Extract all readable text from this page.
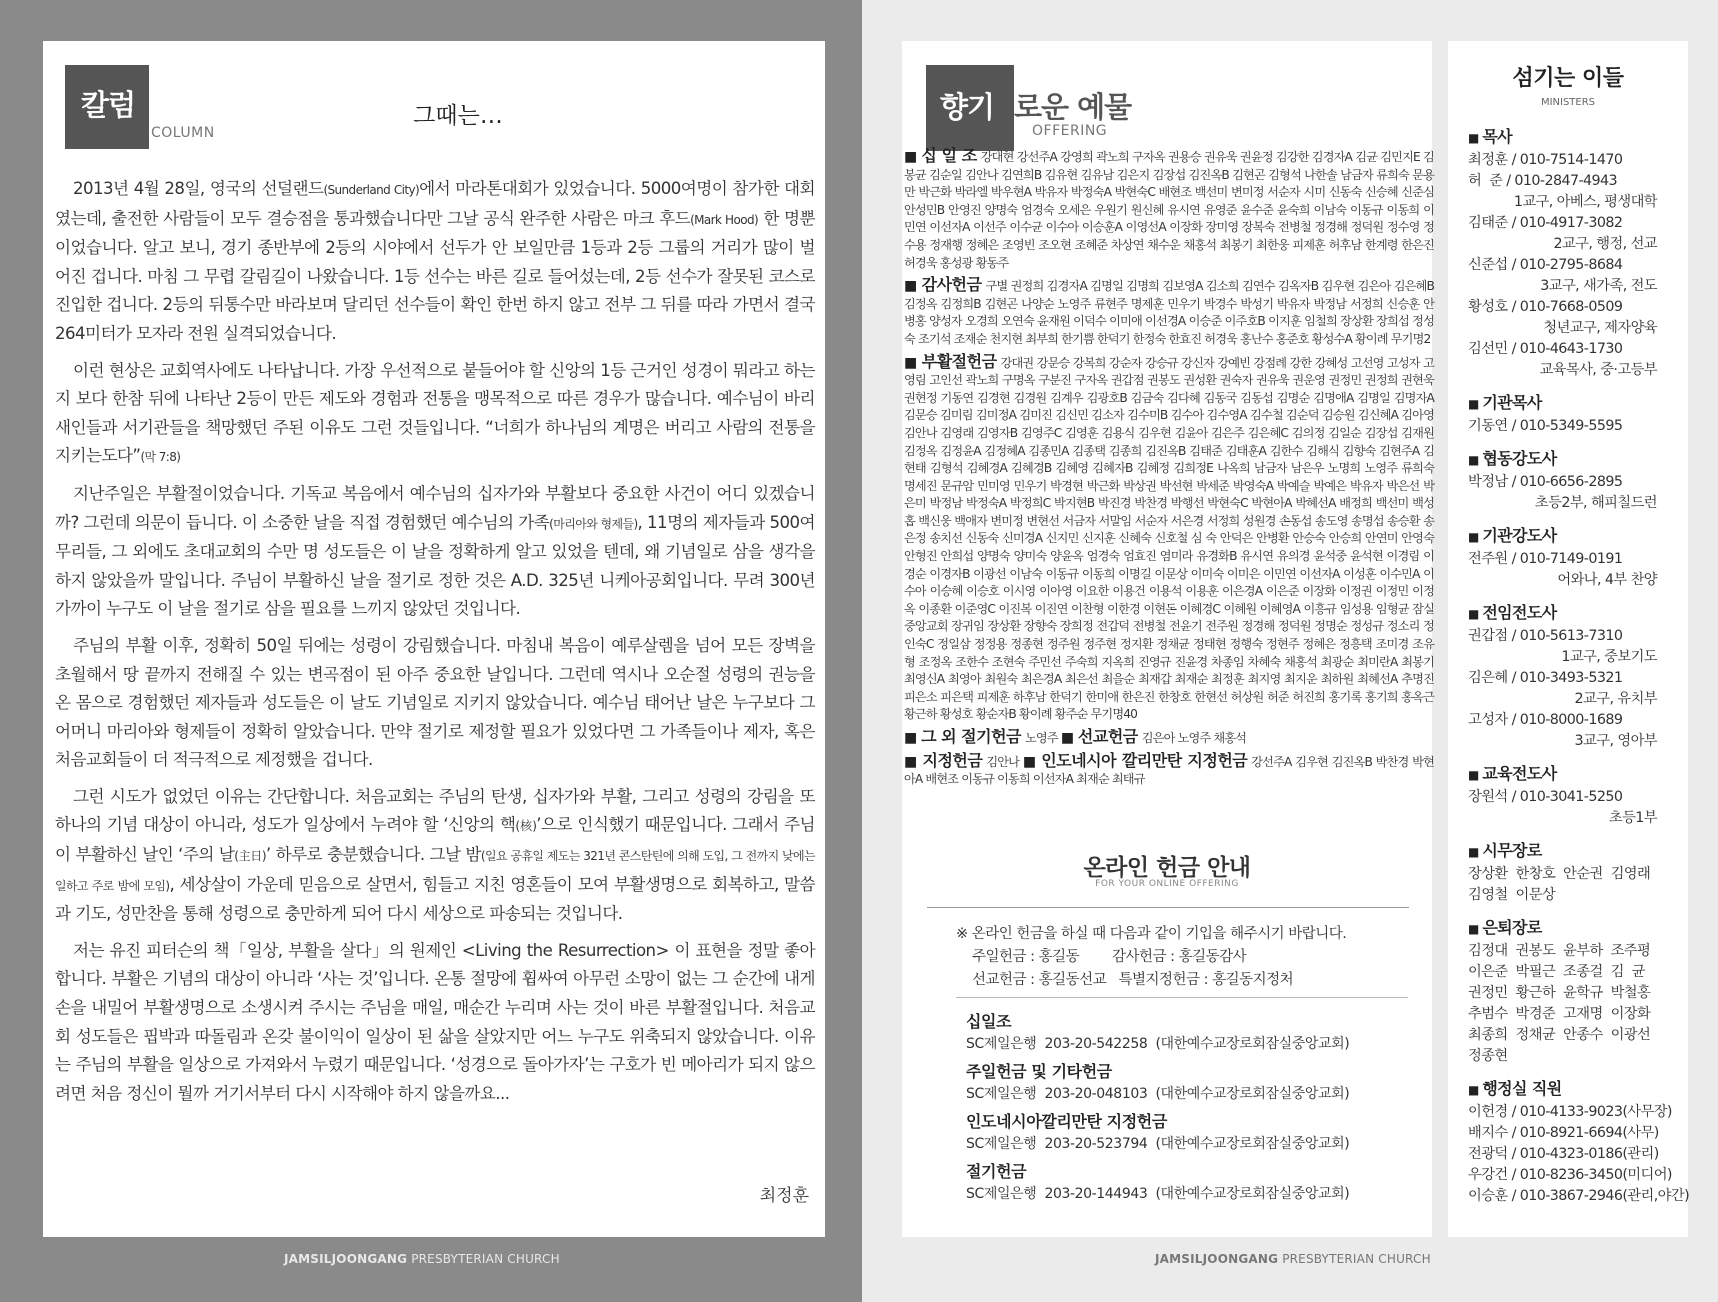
칼럼
COLUMN
그때는…

2013년 4월 28일, 영국의 선덜랜드(Sunderland City)에서 마라톤대회가 있었습니다. 5000여명이 참가한 대회였는데, 출전한 사람들이 모두 결승점을 통과했습니다만 그날 공식 완주한 사람은 마크 후드(Mark Hood) 한 명뿐이었습니다. 알고 보니, 경기 종반부에 2등의 시야에서 선두가 안 보일만큼 1등과 2등 그룹의 거리가 많이 벌어진 겁니다. 마침 그 무렵 갈림길이 나왔습니다. 1등 선수는 바른 길로 들어섰는데, 2등 선수가 잘못된 코스로 진입한 겁니다. 2등의 뒤통수만 바라보며 달리던 선수들이 확인 한번 하지 않고 전부 그 뒤를 따라 가면서 결국 264미터가 모자라 전원 실격되었습니다.

이런 현상은 교회역사에도 나타납니다. 가장 우선적으로 붙들어야 할 신앙의 1등 근거인 성경이 뭐라고 하는지 보다 한참 뒤에 나타난 2등이 만든 제도와 경험과 전통을 맹목적으로 따른 경우가 많습니다. 예수님이 바리새인들과 서기관들을 책망했던 주된 이유도 그런 것들입니다. “너희가 하나님의 계명은 버리고 사람의 전통을 지키는도다”(막 7:8)

지난주일은 부활절이었습니다. 기독교 복음에서 예수님의 십자가와 부활보다 중요한 사건이 어디 있겠습니까? 그런데 의문이 듭니다. 이 소중한 날을 직접 경험했던 예수님의 가족(마리아와 형제들), 11명의 제자들과 500여 무리들, 그 외에도 초대교회의 수만 명 성도들은 이 날을 정확하게 알고 있었을 텐데, 왜 기념일로 삼을 생각을 하지 않았을까 말입니다. 주님이 부활하신 날을 절기로 정한 것은 A.D. 325년 니케아공회입니다. 무려 300년 가까이 누구도 이 날을 절기로 삼을 필요를 느끼지 않았던 것입니다.

주님의 부활 이후, 정확히 50일 뒤에는 성령이 강림했습니다. 마침내 복음이 예루살렘을 넘어 모든 장벽을 초월해서 땅 끝까지 전해질 수 있는 변곡점이 된 아주 중요한 날입니다. 그런데 역시나 오순절 성령의 권능을 온 몸으로 경험했던 제자들과 성도들은 이 날도 기념일로 지키지 않았습니다. 예수님 태어난 날은 누구보다 그 어머니 마리아와 형제들이 정확히 알았습니다. 만약 절기로 제정할 필요가 있었다면 그 가족들이나 제자, 혹은 처음교회들이 더 적극적으로 제정했을 겁니다.

그런 시도가 없었던 이유는 간단합니다. 처음교회는 주님의 탄생, 십자가와 부활, 그리고 성령의 강림을 또 하나의 기념 대상이 아니라, 성도가 일상에서 누려야 할 ‘신앙의 핵(核)’으로 인식했기 때문입니다. 그래서 주님이 부활하신 날인 ‘주의 날(主日)’ 하루로 충분했습니다. 그날 밤(일요 공휴일 제도는 321년 콘스탄틴에 의해 도입, 그 전까지 낮에는 일하고 주로 밤에 모임), 세상살이 가운데 믿음으로 살면서, 힘들고 지친 영혼들이 모여 부활생명으로 회복하고, 말씀과 기도, 성만찬을 통해 성령으로 충만하게 되어 다시 세상으로 파송되는 것입니다.

저는 유진 피터슨의 책「일상, 부활을 살다」의 원제인 <Living the Resurrection> 이 표현을 정말 좋아합니다. 부활은 기념의 대상이 아니라 ‘사는 것’입니다. 온통 절망에 휩싸여 아무런 소망이 없는 그 순간에 내게 손을 내밀어 부활생명으로 소생시켜 주시는 주님을 매일, 매순간 누리며 사는 것이 바른 부활절입니다. 처음교회 성도들은 핍박과 따돌림과 온갖 불이익이 일상이 된 삶을 살았지만 어느 누구도 위축되지 않았습니다. 이유는 주님의 부활을 일상으로 가져와서 누렸기 때문입니다. ‘성경으로 돌아가자’는 구호가 빈 메아리가 되지 않으려면 처음 정신이 뭘까 거기서부터 다시 시작해야 하지 않을까요...

최정훈
JAMSILJOONGANG PRESBYTERIAN CHURCH
향기 로운 예물
OFFERING
■ 십 일 조 강대현 강선주A 강영희 곽노희 구자옥 권용승 권유욱 권윤정 김강한 김경자A 김균 김민지E 김봉균 김순일 김안나 김연희B 김유현 김유남 김은지 김장섭 김진옥B 김현곤 김형석 나한솔 남금자 류희숙 문용만 박근화 박라엘 박우현A 박유자 박정숙A 박현숙C 배현조 백선미 변미정 서순자 시미 신동숙 신승혜 신준심 안성민B 안영진 양명숙 엄경숙 오세은 우원기 원신혜 유시연 유영준 윤수준 윤숙희 이남숙 이동규 이동희 이민연 이선자A 이선주 이수균 이수아 이승훈A 이영선A 이장화 장미영 장복숙 전병철 정경해 정덕원 정수영 정수용 정재행 정혜은 조영빈 조오현 조혜준 차상연 채수운 채홍석 최봉기 최한웅 피제훈 허후남 한계령 한은진 허경욱 홍성광 황동주
■ 감사헌금 구별 권정희 김경자A 김명일 김명희 김보영A 김소희 김연수 김옥자B 김우현 김은아 김은혜B 김정옥 김정희B 김현곤 나양순 노영주 류현주 명제훈 민우기 박경수 박성기 박유자 박정남 서정희 신승훈 안병홍 양성자 오경희 오연숙 윤재원 이덕수 이미애 이선경A 이승준 이주호B 이지훈 임철희 장상환 장희섭 정성숙 조기석 조재순 천지현 최부희 한기쁨 한덕기 한정숙 한효진 허경욱 홍난수 홍준호 황성수A 황이례 무기명2
■ 부활절헌금 강대권 강문승 강복희 강순자 강승규 강신자 강예빈 강점례 강한 강혜성 고선영 고성자 고영림 고인선 곽노희 구명옥 구분진 구자옥 권갑점 권봉도 권성환 권숙자 권유욱 권운영 권정민 권정희 권현욱 권현정 기동연 김경현 김경원 김계우 김광호B 김금숙 김다혜 김동국 김동섭 김명순 김명애A 김명일 김명자A 김문승 김미림 김미정A 김미진 김신민 김소자 김수미B 김수아 김수영A 김수철 김순덕 김승원 김신혜A 김아영 김안나 김영래 김영자B 김영주C 김영훈 김용식 김우현 김윤아 김은주 김은혜C 김의정 김일순 김장섭 김재원 김정옥 김정윤A 김정혜A 김종민A 김종택 김종희 김진옥B 김태준 김태훈A 김한수 김해식 김향숙 김현주A 김현태 김형석 김혜경A 김혜경B 김혜영 김혜자B 김혜정 김희정E 나옥희 남금자 남은우 노명희 노영주 류희숙 명세진 문규암 민미영 민우기 박경현 박근화 박상권 박선현 박세준 박영숙A 박예슬 박예은 박유자 박은선 박은미 박정남 박정숙A 박정희C 박지현B 박진경 박찬경 박행선 박현숙C 박현아A 박혜선A 배정희 백선미 백성홉 백신웅 백애자 변미정 변현선 서금자 서말임 서순자 서은경 서정희 성원경 손동섭 송도영 송명섭 송승환 송은정 송치선 신동숙 신미경A 신지민 신지훈 신혜숙 신호철 심 숙 안덕은 안병환 안승숙 안승희 안연미 안영숙 안형진 안희섭 양명숙 양미숙 양윤옥 엄경숙 엄효진 염미라 유경화B 유시연 유의경 윤석중 윤석현 이경림 이경순 이경자B 이광선 이남숙 이동규 이동희 이명길 이문상 이미숙 이미은 이민연 이선자A 이성훈 이수민A 이수아 이승혜 이승호 이시영 이아영 이요한 이용건 이용석 이용훈 이은경A 이은준 이장화 이정권 이정민 이정옥 이종환 이준영C 이진복 이진연 이찬형 이한경 이현돈 이혜경C 이혜원 이혜영A 이흥규 임성용 임형균 잠실중앙교회 장귀임 장상환 장향숙 장희정 전갑덕 전병철 전윤기 전주원 정경해 정덕원 정명순 정성규 정소리 정인숙C 정일삼 정정용 정종현 정주원 정주현 정지환 정채균 정태현 정행숙 정현주 정혜은 정흥택 조미경 조유형 조정옥 조한수 조현숙 주민선 주숙희 지옥희 진영규 진윤경 차종임 차혜숙 채홍석 최광순 최미란A 최봉기 최영신A 최영아 최원숙 최은경A 최은선 최을순 최재갑 최재순 최정훈 최지영 최지운 최하원 최혜선A 추명진 피은소 피은택 피제훈 하후남 한덕기 한미애 한은진 한창호 한현선 허상원 허준 허진희 홍기록 홍기희 홍옥근 황근하 황성호 황순자B 황이례 황주순 무기명40
■ 그 외 절기헌금 노영주 ■ 선교헌금 김은아 노영주 채홍석
■ 지정헌금 김안나 ■ 인도네시아 깔리만탄 지정헌금 강선주A 김우현 김진옥B 박찬경 박현아A 배현조 이동규 이동희 이선자A 최재순 최태규
온라인 헌금 안내
FOR YOUR ONLINE OFFERING
※ 온라인 헌금을 하실 때 다음과 같이 기입을 해주시기 바랍니다.
주일헌금 : 홍길동        감사헌금 : 홍길동감사
선교헌금 : 홍길동선교   특별지정헌금 : 홍길동지정처
십일조
SC제일은행  203-20-542258  (대한예수교장로회잠실중앙교회)
주일헌금 및 기타헌금
SC제일은행  203-20-048103  (대한예수교장로회잠실중앙교회)
인도네시아깔리만탄 지정헌금
SC제일은행  203-20-523794  (대한예수교장로회잠실중앙교회)
절기헌금
SC제일은행  203-20-144943  (대한예수교장로회잠실중앙교회)
섬기는 이들
MINISTERS
■ 목사
최정훈 / 010-7514-1470
허  준 / 010-2847-4943
1교구, 아베스, 평생대학
김태준 / 010-4917-3082
2교구, 행정, 선교
신준섭 / 010-2795-8684
3교구, 새가족, 전도
황성호 / 010-7668-0509
청년교구, 제자양육
김선민 / 010-4643-1730
교육목사, 중·고등부
■ 기관목사
기동연 / 010-5349-5595
■ 협동강도사
박정남 / 010-6656-2895
초등2부, 해피칠드런
■ 기관강도사
전주원 / 010-7149-0191
어와나, 4부 찬양
■ 전임전도사
권갑점 / 010-5613-7310
1교구, 중보기도
김은혜 / 010-3493-5321
2교구, 유치부
고성자 / 010-8000-1689
3교구, 영아부
■ 교육전도사
장원석 / 010-3041-5250
초등1부
■ 시무장로
장상환  한창호  안순권  김영래
김영철  이문상
■ 은퇴장로
김정대  권봉도  윤부하  조주평
이은준  박필근  조종걸  김  균
권정민  황근하  윤학규  박철홍
추범수  박경준  고재명  이장화
최종희  정채균  안종수  이광선
정종현
■ 행정실 직원
이헌경 / 010-4133-9023(사무장)
배지수 / 010-8921-6694(사무)
전광덕 / 010-4323-0186(관리)
우강건 / 010-8236-3450(미디어)
이승훈 / 010-3867-2946(관리,야간)
JAMSILJOONGANG PRESBYTERIAN CHURCH
